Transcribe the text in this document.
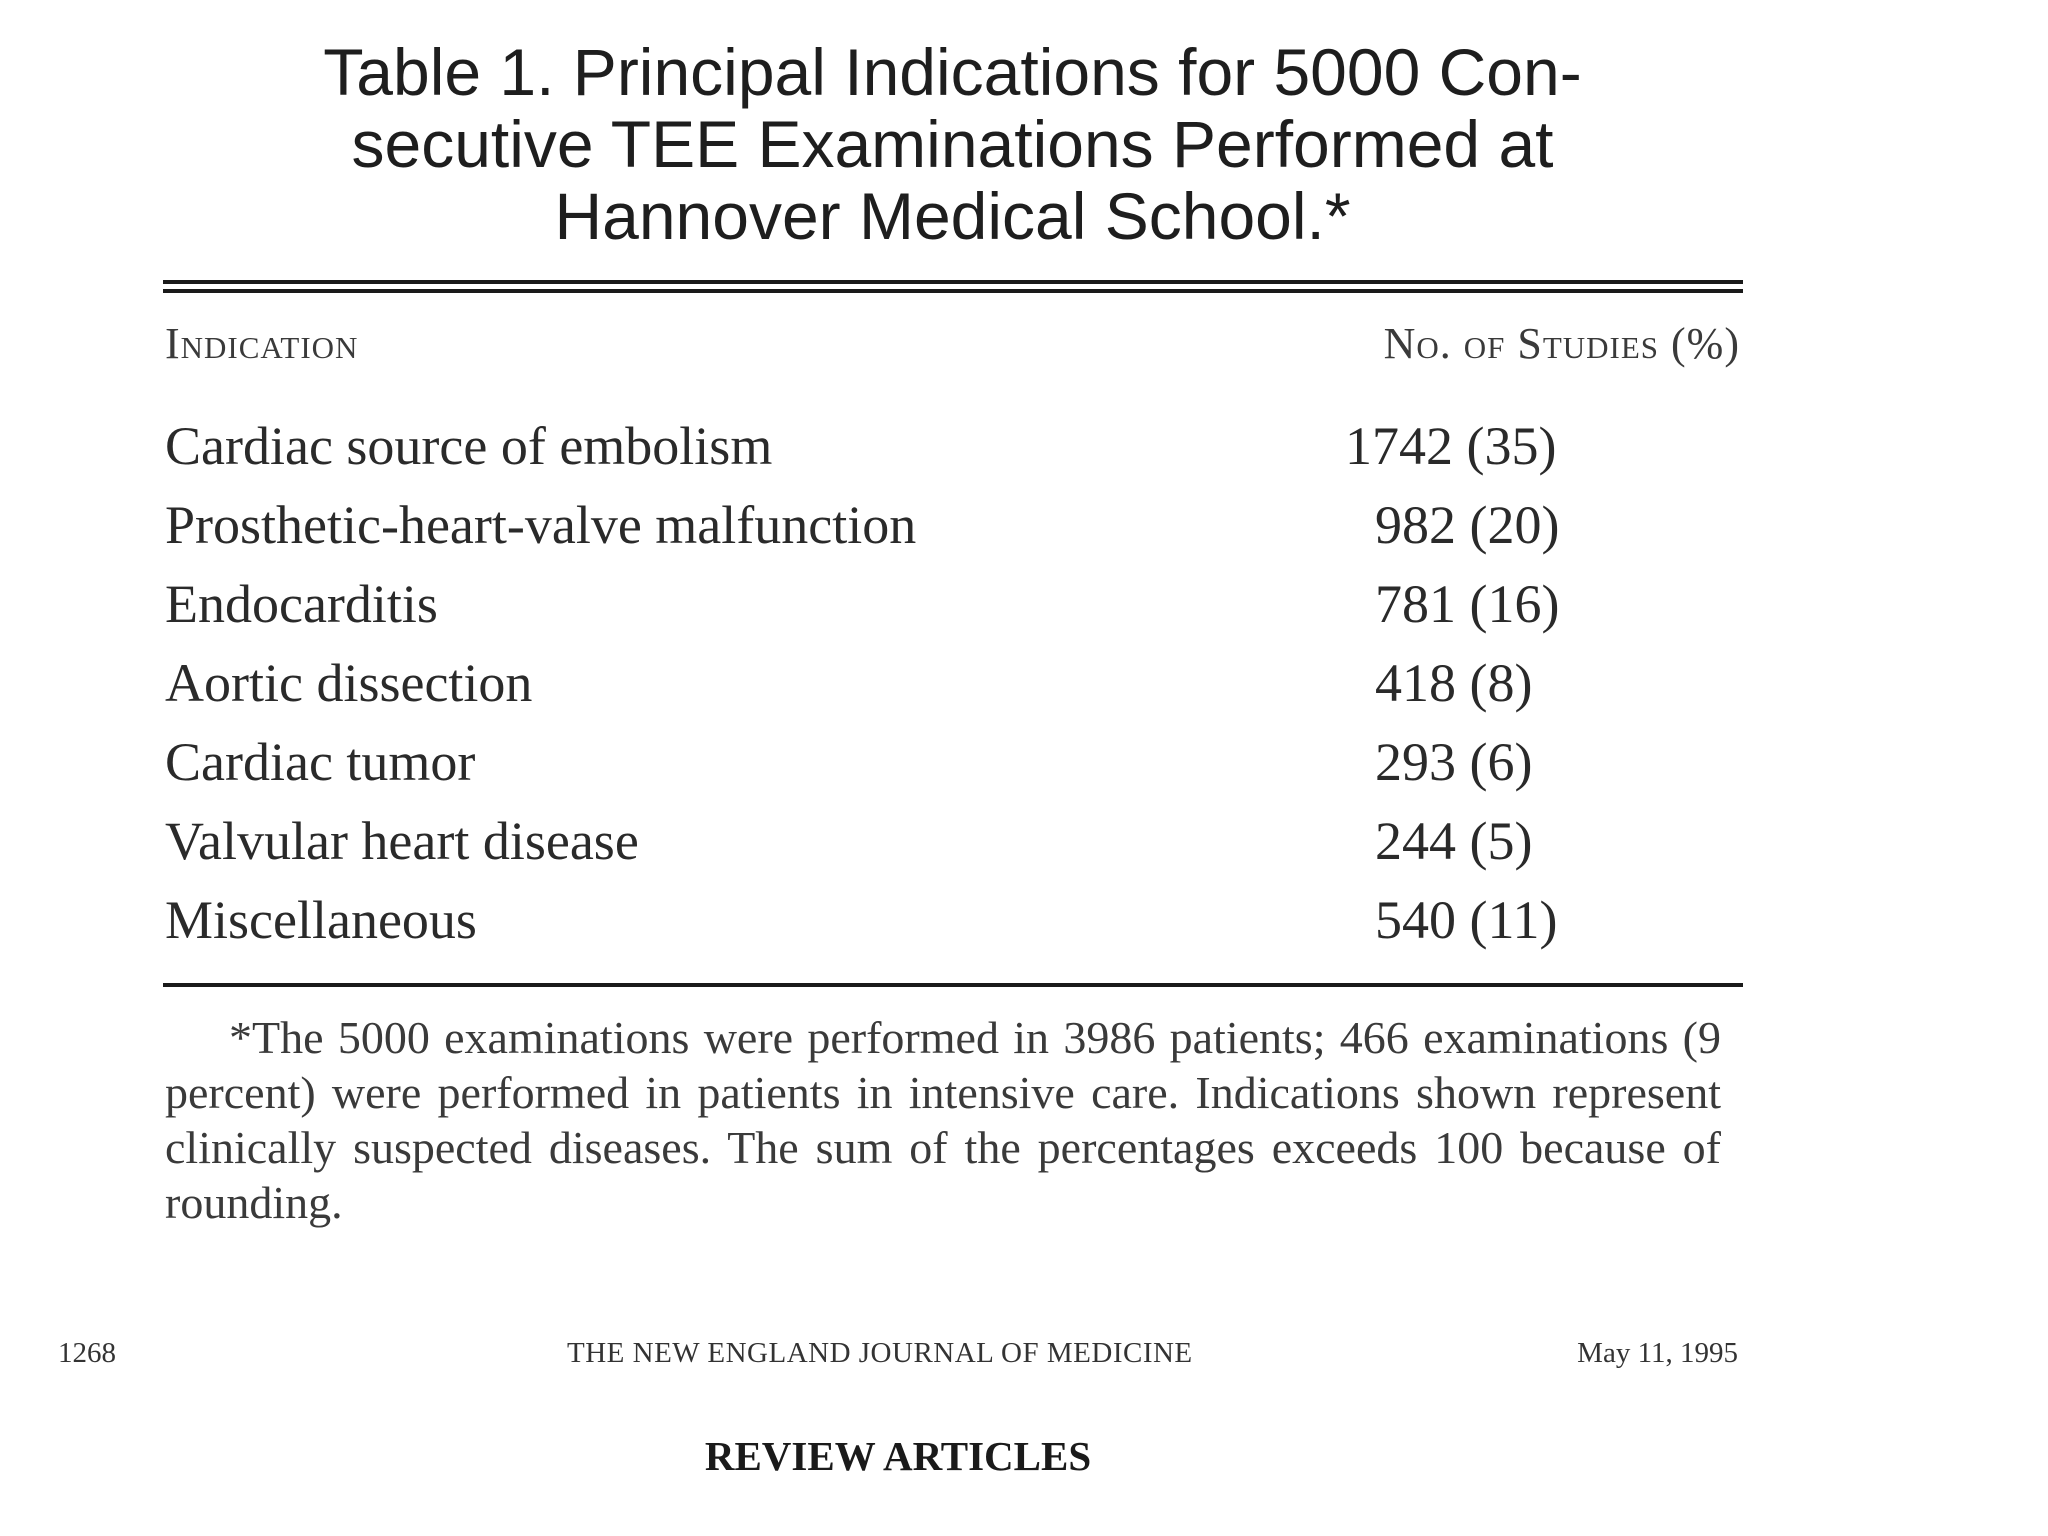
Table 1. Principal Indications for 5000 Con-
secutive TEE Examinations Performed at
Hannover Medical School.*
Indication	No. of Studies (%)
Cardiac source of embolism	1742 (35)
Prosthetic-heart-valve malfunction	982 (20)
Endocarditis	781 (16)
Aortic dissection	418 (8)
Cardiac tumor	293 (6)
Valvular heart disease	244 (5)
Miscellaneous	540 (11)

*The 5000 examinations were performed in 3986 patients; 466 examinations (9 percent) were performed in patients in intensive care. Indications shown represent clinically suspected diseases. The sum of the percentages exceeds 100 because of rounding.

1268	THE NEW ENGLAND JOURNAL OF MEDICINE	May 11, 1995
REVIEW ARTICLES
